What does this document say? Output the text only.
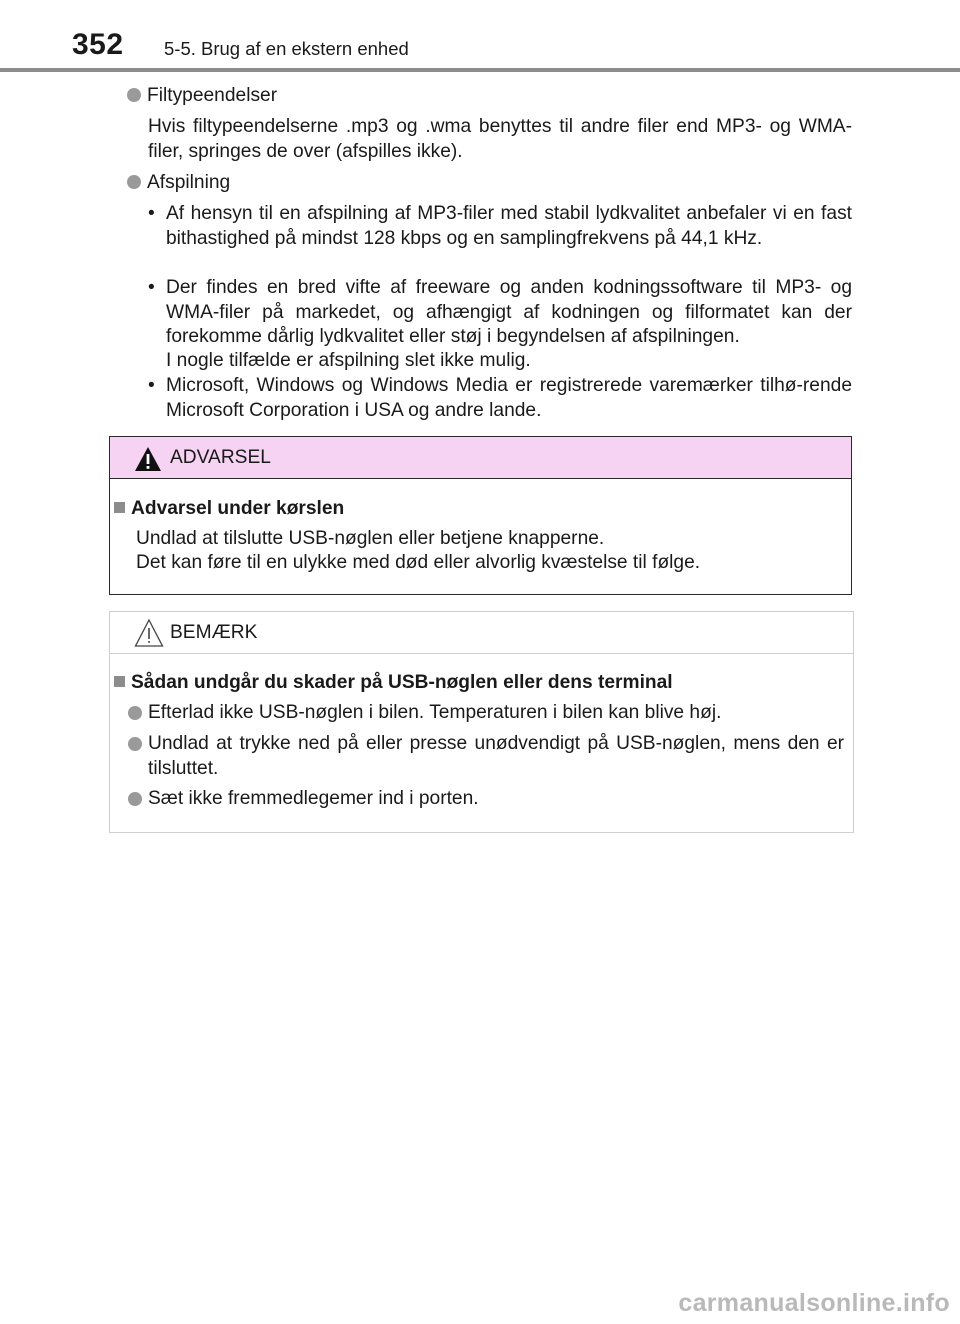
352 5-5. Brug af en ekstern enhed
Filtypeendelser
Hvis filtypeendelserne .mp3 og .wma benyttes til andre filer end MP3- og WMA-filer, springes de over (afspilles ikke).
Afspilning
• Af hensyn til en afspilning af MP3-filer med stabil lydkvalitet anbefaler vi en fast bithastighed på mindst 128 kbps og en samplingfrekvens på 44,1 kHz.
• Der findes en bred vifte af freeware og anden kodningssoftware til MP3- og WMA-filer på markedet, og afhængigt af kodningen og filformatet kan der forekomme dårlig lydkvalitet eller støj i begyndelsen af afspilningen.
I nogle tilfælde er afspilning slet ikke mulig.
• Microsoft, Windows og Windows Media er registrerede varemærker tilhø-rende Microsoft Corporation i USA og andre lande.
ADVARSEL
Advarsel under kørslen
Undlad at tilslutte USB-nøglen eller betjene knapperne.
Det kan føre til en ulykke med død eller alvorlig kvæstelse til følge.
BEMÆRK
Sådan undgår du skader på USB-nøglen eller dens terminal
Efterlad ikke USB-nøglen i bilen. Temperaturen i bilen kan blive høj.
Undlad at trykke ned på eller presse unødvendigt på USB-nøglen, mens den er tilsluttet.
Sæt ikke fremmedlegemer ind i porten.
carmanualsonline.info
